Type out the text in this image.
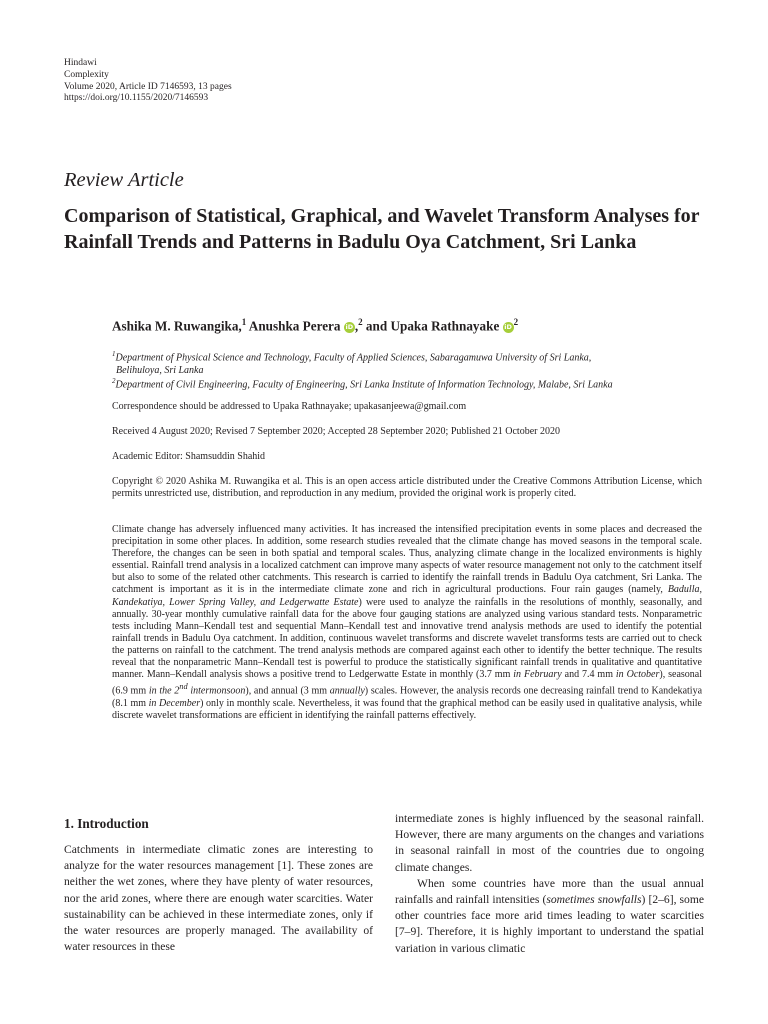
Hindawi
Complexity
Volume 2020, Article ID 7146593, 13 pages
https://doi.org/10.1155/2020/7146593
Review Article
Comparison of Statistical, Graphical, and Wavelet Transform Analyses for Rainfall Trends and Patterns in Badulu Oya Catchment, Sri Lanka
Ashika M. Ruwangika,$^1$ Anushka Perera iD ,$^2$ and Upaka Rathnayake $iD^2$
$^1$Department of Physical Science and Technology, Faculty of Applied Sciences, Sabaragamuwa University of Sri Lanka,
Belihuloya, Sri Lanka
$^2$Department of Civil Engineering, Faculty of Engineering, Sri Lanka Institute of Information Technology, Malabe, Sri Lanka
Correspondence should be addressed to Upaka Rathnayake; upakasanjeewa@gmail.com
Received 4 August 2020; Revised 7 September 2020; Accepted 28 September 2020; Published 21 October 2020
Academic Editor: Shamsuddin Shahid

Copyright © 2020 Ashika M. Ruwangika et al. This is an open access article distributed under the Creative Commons Attribution License, which permits unrestricted use, distribution, and reproduction in any medium, provided the original work is properly cited.

Climate change has adversely influenced many activities. It has increased the intensified precipitation events in some places and decreased the precipitation in some other places. In addition, some research studies revealed that the climate change has moved seasons in the temporal scale. Therefore, the changes can be seen in both spatial and temporal scales. Thus, analyzing climate change in the localized environments is highly essential. Rainfall trend analysis in a localized catchment can improve many aspects of water resource management not only to the catchment itself but also to some of the related other catchments. This research is carried to identify the rainfall trends in Badulu Oya catchment, Sri Lanka. The catchment is important as it is in the intermediate climate zone and rich in agricultural productions. Four rain gauges (namely, Badulla, Kandekatiya, Lower Spring Valley, and Ledgerwatte Estate) were used to analyze the rainfalls in the resolutions of monthly, seasonally, and annually. 30-year monthly cumulative rainfall data for the above four gauging stations are analyzed using various standard tests. Nonparametric tests including Mann–Kendall test and sequential Mann–Kendall test and innovative trend analysis methods are used to identify the potential rainfall trends in Badulu Oya catchment. In addition, continuous wavelet transforms and discrete wavelet transforms tests are carried out to check the patterns on rainfall to the catchment. The trend analysis methods are compared against each other to identify the better technique. The results reveal that the nonparametric Mann–Kendall test is powerful to produce the statistically significant rainfall trends in qualitative and quantitative manner. Mann–Kendall analysis shows a positive trend to Ledgerwatte Estate in monthly (3.7 mm in February and 7.4 mm in October), seasonal (6.9 mm in the 2nd intermonsoon), and annual (3 mm annually) scales. However, the analysis records one decreasing rainfall trend to Kandekatiya (8.1 mm in December) only in monthly scale. Nevertheless, it was found that the graphical method can be easily used in qualitative analysis, while discrete wavelet transformations are efficient in identifying the rainfall patterns effectively.

1. Introduction

Catchments in intermediate climatic zones are interesting to analyze for the water resources management [1]. These zones are neither the wet zones, where they have plenty of water resources, nor the arid zones, where there are enough water scarcities. Water sustainability can be achieved in these intermediate zones, only if the water resources are properly managed. The availability of water resources in these

intermediate zones is highly influenced by the seasonal rainfall. However, there are many arguments on the changes and variations in seasonal rainfall in most of the countries due to ongoing climate changes.
When some countries have more than the usual annual rainfalls and rainfall intensities (sometimes snowfalls) [2–6], some other countries face more arid times leading to water scarcities [7–9]. Therefore, it is highly important to understand the spatial variation in various climatic
